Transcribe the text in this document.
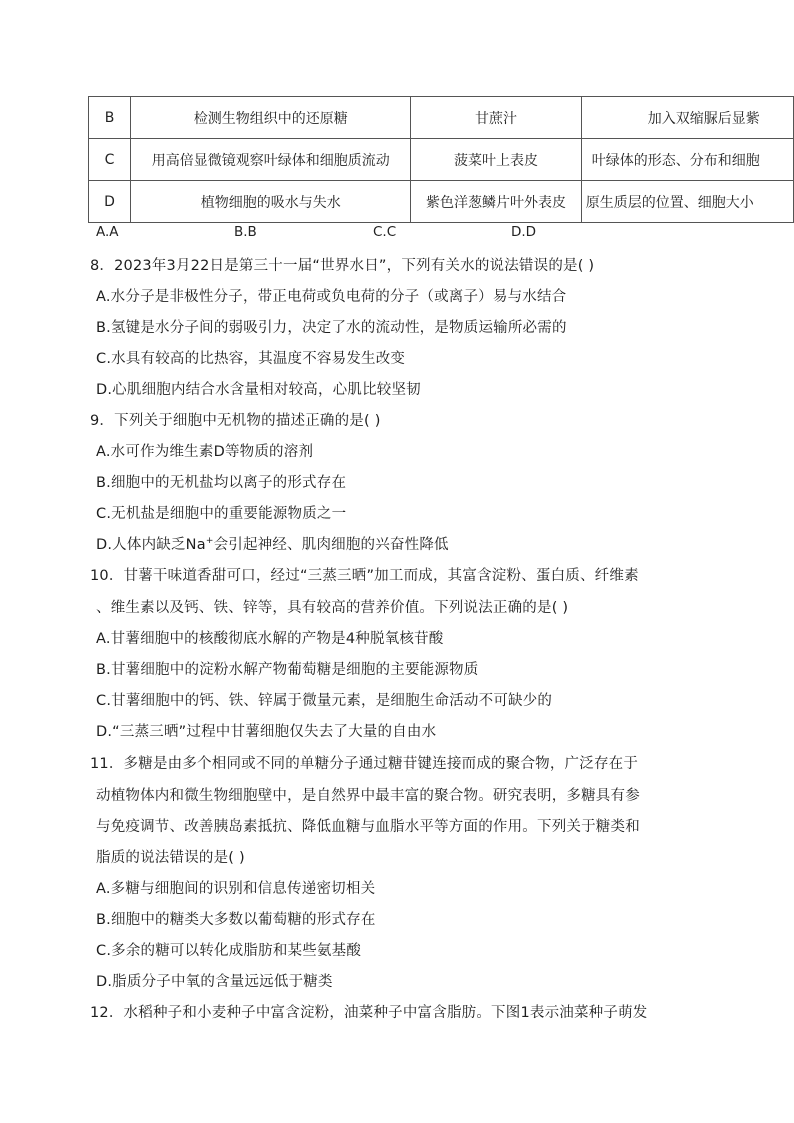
B	检测生物组织中的还原糖	甘蔗汁	加入双缩脲后显紫
C	用高倍显微镜观察叶绿体和细胞质流动	菠菜叶上表皮	叶绿体的形态、分布和细胞
D	植物细胞的吸水与失水	紫色洋葱鳞片叶外表皮	原生质层的位置、细胞大小
A.A	B.B	C.C	D.D
8．2023年3月22日是第三十一届“世界水日”，下列有关水的说法错误的是( )
A.水分子是非极性分子，带正电荷或负电荷的分子（或离子）易与水结合
B.氢键是水分子间的弱吸引力，决定了水的流动性，是物质运输所必需的
C.水具有较高的比热容，其温度不容易发生改变
D.心肌细胞内结合水含量相对较高，心肌比较坚韧
9．下列关于细胞中无机物的描述正确的是( )
A.水可作为维生素D等物质的溶剂
B.细胞中的无机盐均以离子的形式存在
C.无机盐是细胞中的重要能源物质之一
D.人体内缺乏Na+会引起神经、肌肉细胞的兴奋性降低
10．甘薯干味道香甜可口，经过“三蒸三晒”加工而成，其富含淀粉、蛋白质、纤维素
、维生素以及钙、铁、锌等，具有较高的营养价值。下列说法正确的是( )
A.甘薯细胞中的核酸彻底水解的产物是4种脱氧核苷酸
B.甘薯细胞中的淀粉水解产物葡萄糖是细胞的主要能源物质
C.甘薯细胞中的钙、铁、锌属于微量元素，是细胞生命活动不可缺少的
D.“三蒸三晒”过程中甘薯细胞仅失去了大量的自由水
11．多糖是由多个相同或不同的单糖分子通过糖苷键连接而成的聚合物，广泛存在于
动植物体内和微生物细胞壁中，是自然界中最丰富的聚合物。研究表明，多糖具有参
与免疫调节、改善胰岛素抵抗、降低血糖与血脂水平等方面的作用。下列关于糖类和
脂质的说法错误的是( )
A.多糖与细胞间的识别和信息传递密切相关
B.细胞中的糖类大多数以葡萄糖的形式存在
C.多余的糖可以转化成脂肪和某些氨基酸
D.脂质分子中氧的含量远远低于糖类
12．水稻种子和小麦种子中富含淀粉，油菜种子中富含脂肪。下图1表示油菜种子萌发
